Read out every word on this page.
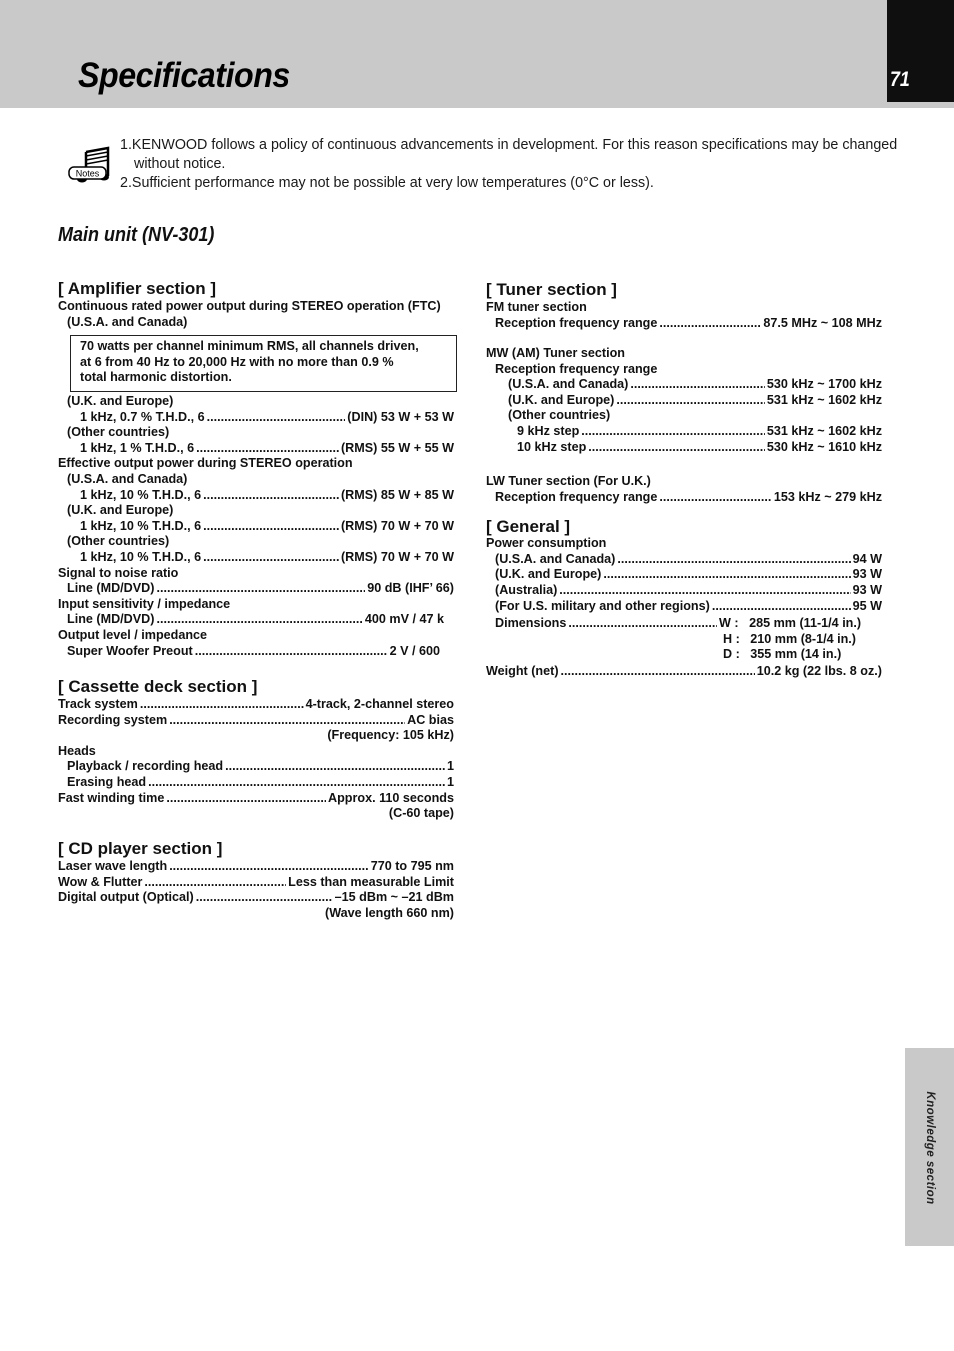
Specifications	71
Notes
1.KENWOOD follows a policy of continuous advancements in development. For this reason specifications may be changed without notice.
2.Sufficient performance may not be possible at very low temperatures (0°C or less).
Main unit (NV-301)
[ Amplifier section ]
Continuous rated power output during STEREO operation (FTC)
(U.S.A. and Canada)
70 watts per channel minimum RMS, all channels driven,
at 6 from 40 Hz to 20,000 Hz with no more than 0.9 %
total harmonic distortion.
(U.K. and Europe)
1 kHz, 0.7 % T.H.D., 6 .....	(DIN) 53 W + 53 W
(Other countries)
1 kHz, 1 % T.H.D., 6 .....	(RMS) 55 W + 55 W
Effective output power during STEREO operation
(U.S.A. and Canada)
1 kHz, 10 % T.H.D., 6 .....	(RMS) 85 W + 85 W
(U.K. and Europe)
1 kHz, 10 % T.H.D., 6 .....	(RMS) 70 W + 70 W
(Other countries)
1 kHz, 10 % T.H.D., 6 .....	(RMS) 70 W + 70 W
Signal to noise ratio
Line (MD/DVD) .....	90 dB (IHF’ 66)
Input sensitivity / impedance
Line (MD/DVD) .....	400 mV / 47 k
Output level / impedance
Super Woofer Preout .....	2 V / 600
[ Cassette deck section ]
Track system .....	4-track, 2-channel stereo
Recording system .....	AC bias
(Frequency: 105 kHz)
Heads
Playback / recording head .....	1
Erasing head .....	1
Fast winding time .....	Approx. 110 seconds
(C-60 tape)
[ CD player section ]
Laser wave length .....	770 to 795 nm
Wow & Flutter .....	Less than measurable Limit
Digital output (Optical) .....	–15 dBm ~ –21 dBm
(Wave length 660 nm)
[ Tuner section ]
FM tuner section
Reception frequency range .....	87.5 MHz ~ 108 MHz
MW (AM) Tuner section
Reception frequency range
(U.S.A. and Canada) .....	530 kHz ~ 1700 kHz
(U.K. and Europe) .....	531 kHz ~ 1602 kHz
(Other countries)
9 kHz step .....	531 kHz ~ 1602 kHz
10 kHz step .....	530 kHz ~ 1610 kHz
LW Tuner section (For U.K.)
Reception frequency range .....	153 kHz ~ 279 kHz
[ General ]
Power consumption
(U.S.A. and Canada) .....	94 W
(U.K. and Europe) .....	93 W
(Australia) .....	93 W
(For U.S. military and other regions) .....	95 W
Dimensions .....	W :   285 mm (11-1/4 in.)
H :   210 mm (8-1/4 in.)
D :   355 mm (14 in.)
Weight (net) .....	10.2 kg (22 lbs. 8 oz.)
Knowledge section
